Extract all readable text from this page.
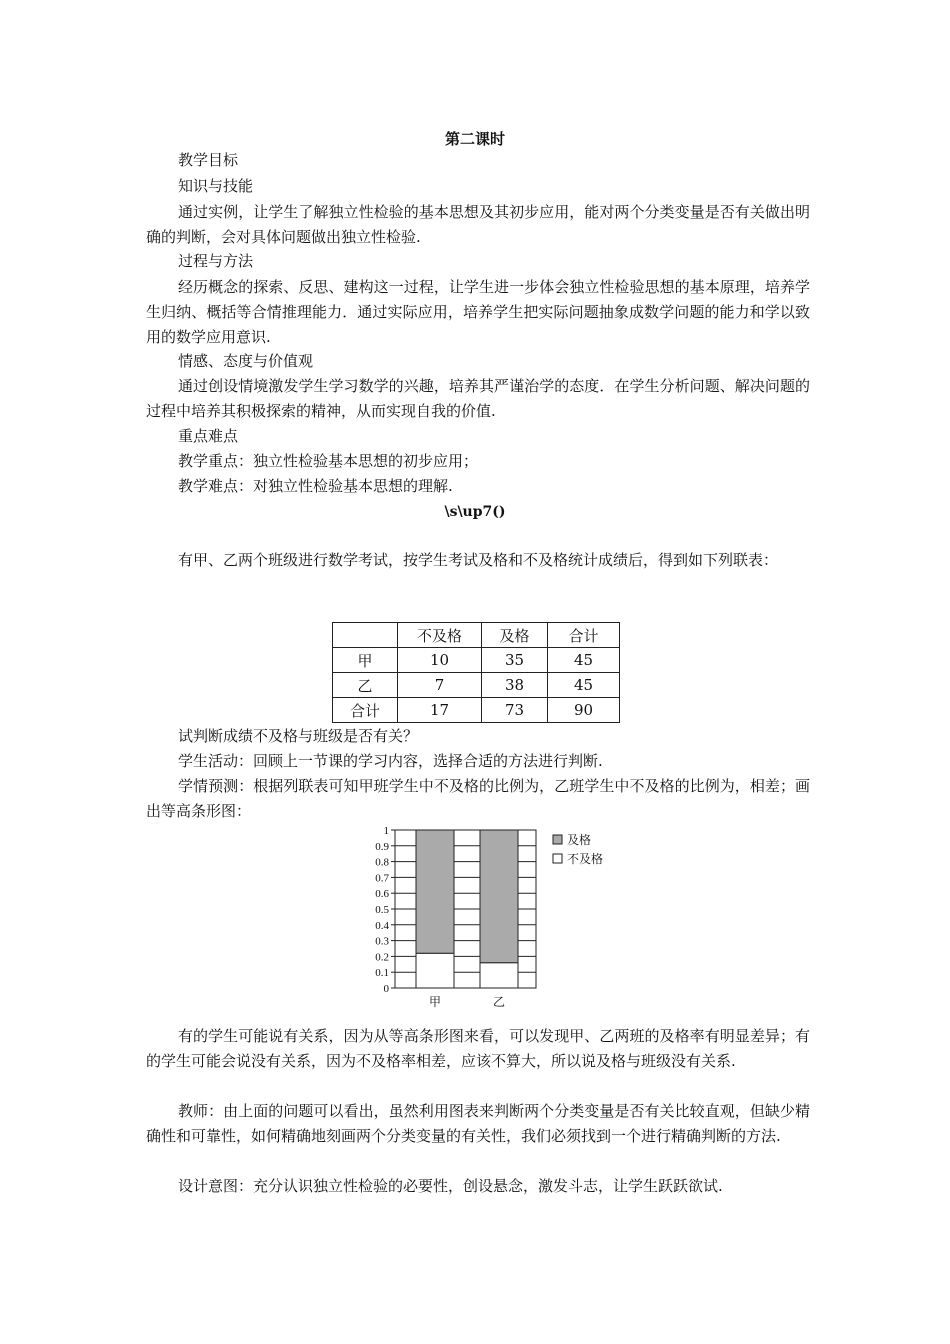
第二课时

教学目标

知识与技能

通过实例，让学生了解独立性检验的基本思想及其初步应用，能对两个分类变量是否有关做出明确的判断，会对具体问题做出独立性检验.

过程与方法

经历概念的探索、反思、建构这一过程，让学生进一步体会独立性检验思想的基本原理，培养学生归纳、概括等合情推理能力．通过实际应用，培养学生把实际问题抽象成数学问题的能力和学以致用的数学应用意识.

情感、态度与价值观

通过创设情境激发学生学习数学的兴趣，培养其严谨治学的态度．在学生分析问题、解决问题的过程中培养其积极探索的精神，从而实现自我的价值.

重点难点

教学重点：独立性检验基本思想的初步应用；

教学难点：对独立性检验基本思想的理解.

\s\up7()

有甲、乙两个班级进行数学考试，按学生考试及格和不及格统计成绩后，得到如下列联表：

	不及格	及格	合计
甲	10	35	45
乙	7	38	45
合计	17	73	90

试判断成绩不及格与班级是否有关？

学生活动：回顾上一节课的学习内容，选择合适的方法进行判断.

学情预测：根据列联表可知甲班学生中不及格的比例为，乙班学生中不及格的比例为，相差；画出等高条形图：

0
0.1
0.2
0.3
0.4
0.5
0.6
0.7
0.8
0.9
1
甲	乙
及格
不及格

有的学生可能说有关系，因为从等高条形图来看，可以发现甲、乙两班的及格率有明显差异；有的学生可能会说没有关系，因为不及格率相差，应该不算大，所以说及格与班级没有关系.

教师：由上面的问题可以看出，虽然利用图表来判断两个分类变量是否有关比较直观，但缺少精确性和可靠性，如何精确地刻画两个分类变量的有关性，我们必须找到一个进行精确判断的方法.

设计意图：充分认识独立性检验的必要性，创设悬念，激发斗志，让学生跃跃欲试.
